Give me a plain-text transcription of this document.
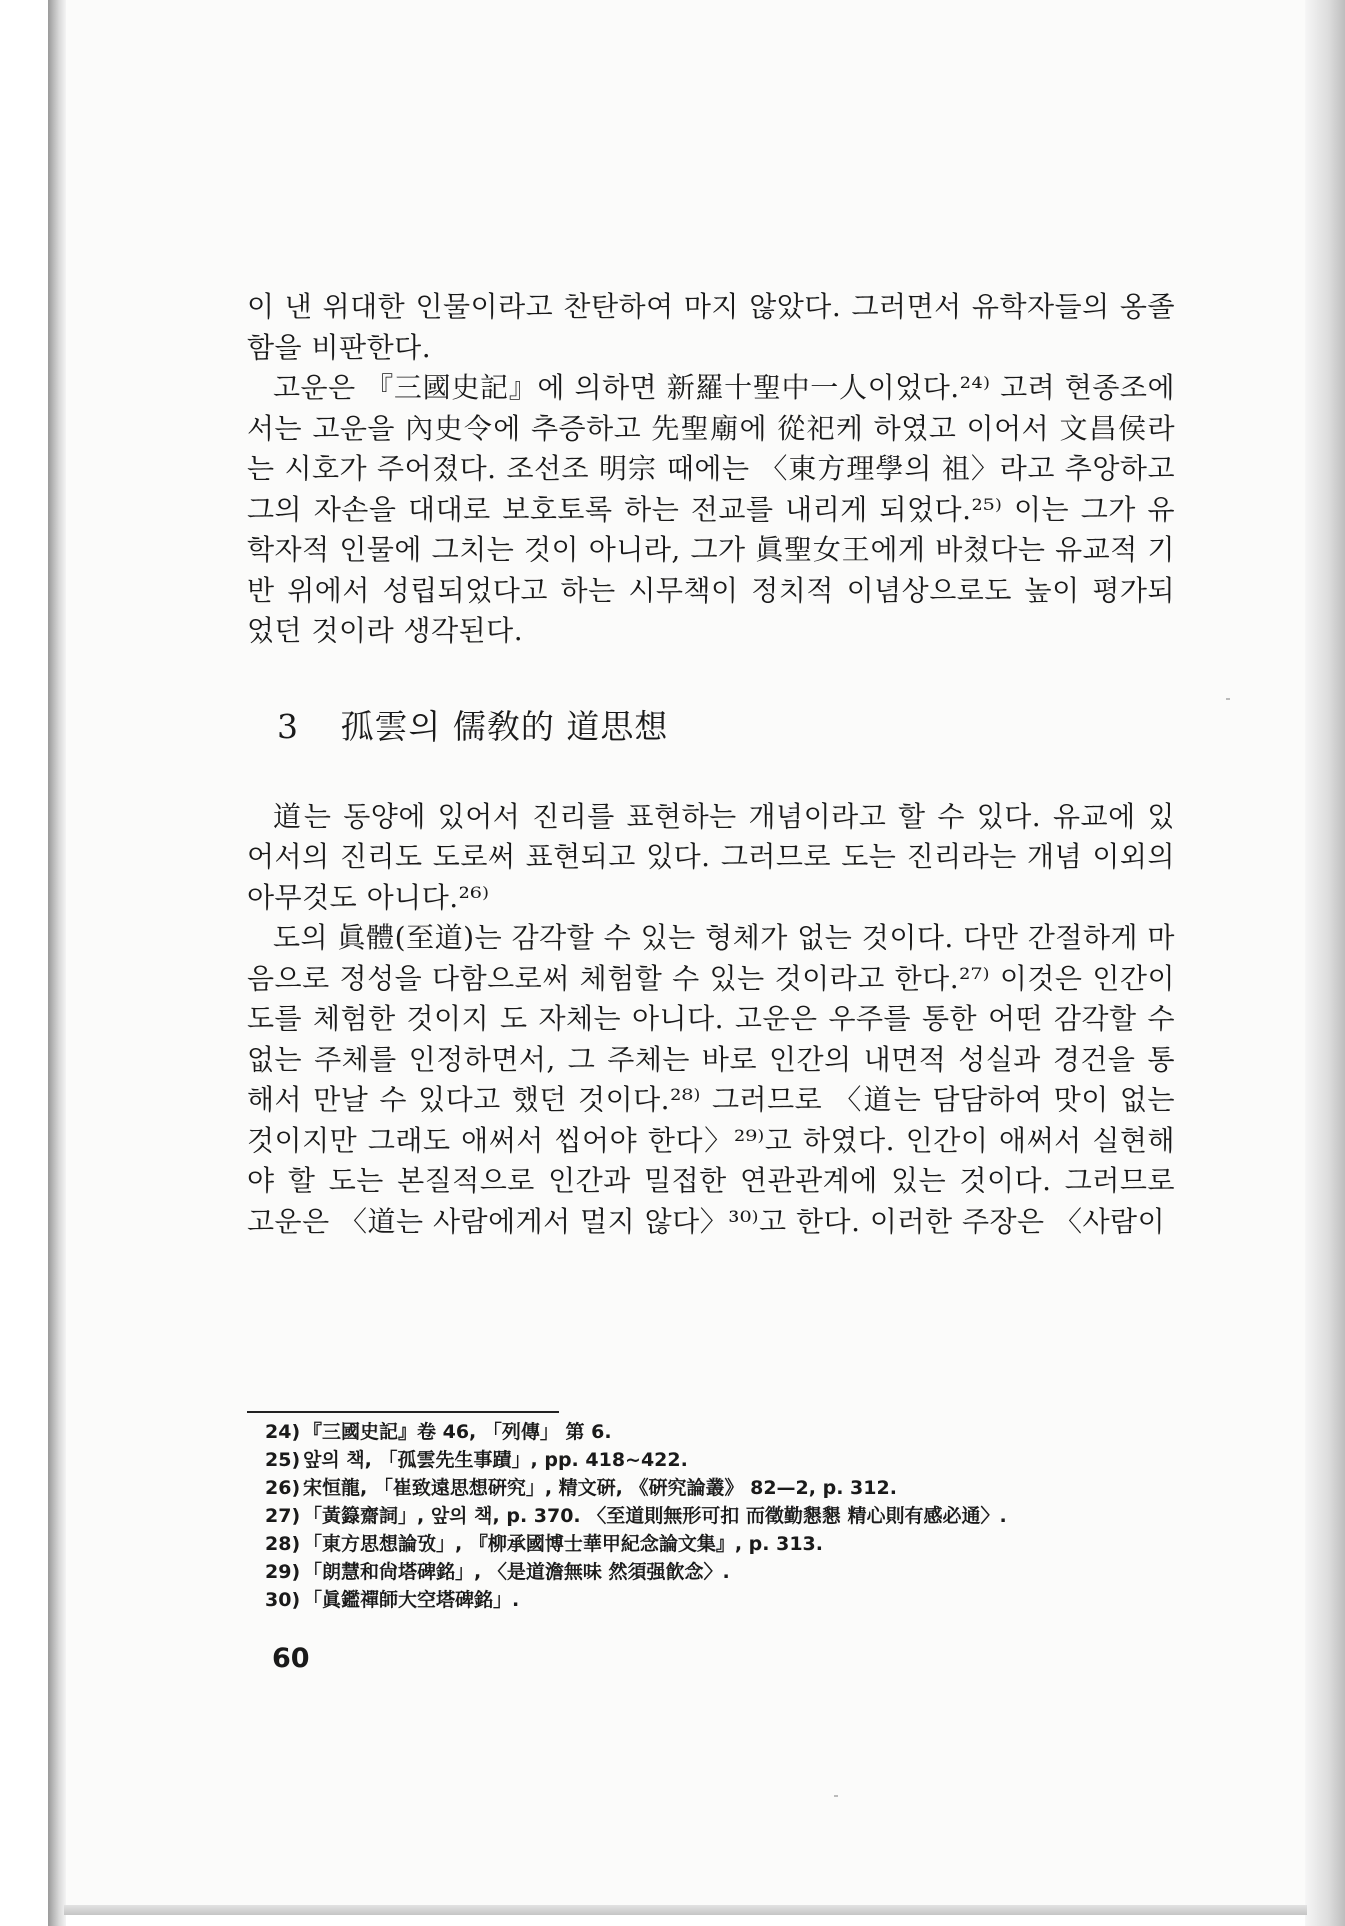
이 낸 위대한 인물이라고 찬탄하여 마지 않았다. 그러면서 유학자들의 옹졸함을 비판한다.

고운은 『三國史記』에 의하면 新羅十聖中一人이었다.²⁴⁾ 고려 현종조에서는 고운을 內史令에 추증하고 先聖廟에 從祀케 하였고 이어서 文昌侯라는 시호가 주어졌다. 조선조 明宗 때에는 〈東方理學의 祖〉라고 추앙하고 그의 자손을 대대로 보호토록 하는 전교를 내리게 되었다.²⁵⁾ 이는 그가 유학자적 인물에 그치는 것이 아니라, 그가 眞聖女王에게 바쳤다는 유교적 기반 위에서 성립되었다고 하는 시무책이 정치적 이념상으로도 높이 평가되었던 것이라 생각된다.

3 孤雲의 儒敎的 道思想

道는 동양에 있어서 진리를 표현하는 개념이라고 할 수 있다. 유교에 있어서의 진리도 도로써 표현되고 있다. 그러므로 도는 진리라는 개념 이외의 아무것도 아니다.²⁶⁾

도의 眞體(至道)는 감각할 수 있는 형체가 없는 것이다. 다만 간절하게 마음으로 정성을 다함으로써 체험할 수 있는 것이라고 한다.²⁷⁾ 이것은 인간이 도를 체험한 것이지 도 자체는 아니다. 고운은 우주를 통한 어떤 감각할 수 없는 주체를 인정하면서, 그 주체는 바로 인간의 내면적 성실과 경건을 통해서 만날 수 있다고 했던 것이다.²⁸⁾ 그러므로 〈道는 담담하여 맛이 없는 것이지만 그래도 애써서 씹어야 한다〉²⁹⁾고 하였다. 인간이 애써서 실현해야 할 도는 본질적으로 인간과 밀접한 연관관계에 있는 것이다. 그러므로 고운은 〈道는 사람에게서 멀지 않다〉³⁰⁾고 한다. 이러한 주장은 〈사람이

24) 『三國史記』卷 46, 「列傳」 第 6.
25) 앞의 책, 「孤雲先生事蹟」, pp. 418~422.
26) 宋恒龍, 「崔致遠思想硏究」, 精文硏, 《硏究論叢》 82—2, p. 312.
27) 「黃籙齋詞」, 앞의 책, p. 370. 〈至道則無形可扣 而徵勤懇懇 精心則有感必通〉.
28) 「東方思想論攷」, 『柳承國博士華甲紀念論文集』, p. 313.
29) 「朗慧和尙塔碑銘」, 〈是道澹無味 然須强飮念〉.
30) 「眞鑑禪師大空塔碑銘」.
60
